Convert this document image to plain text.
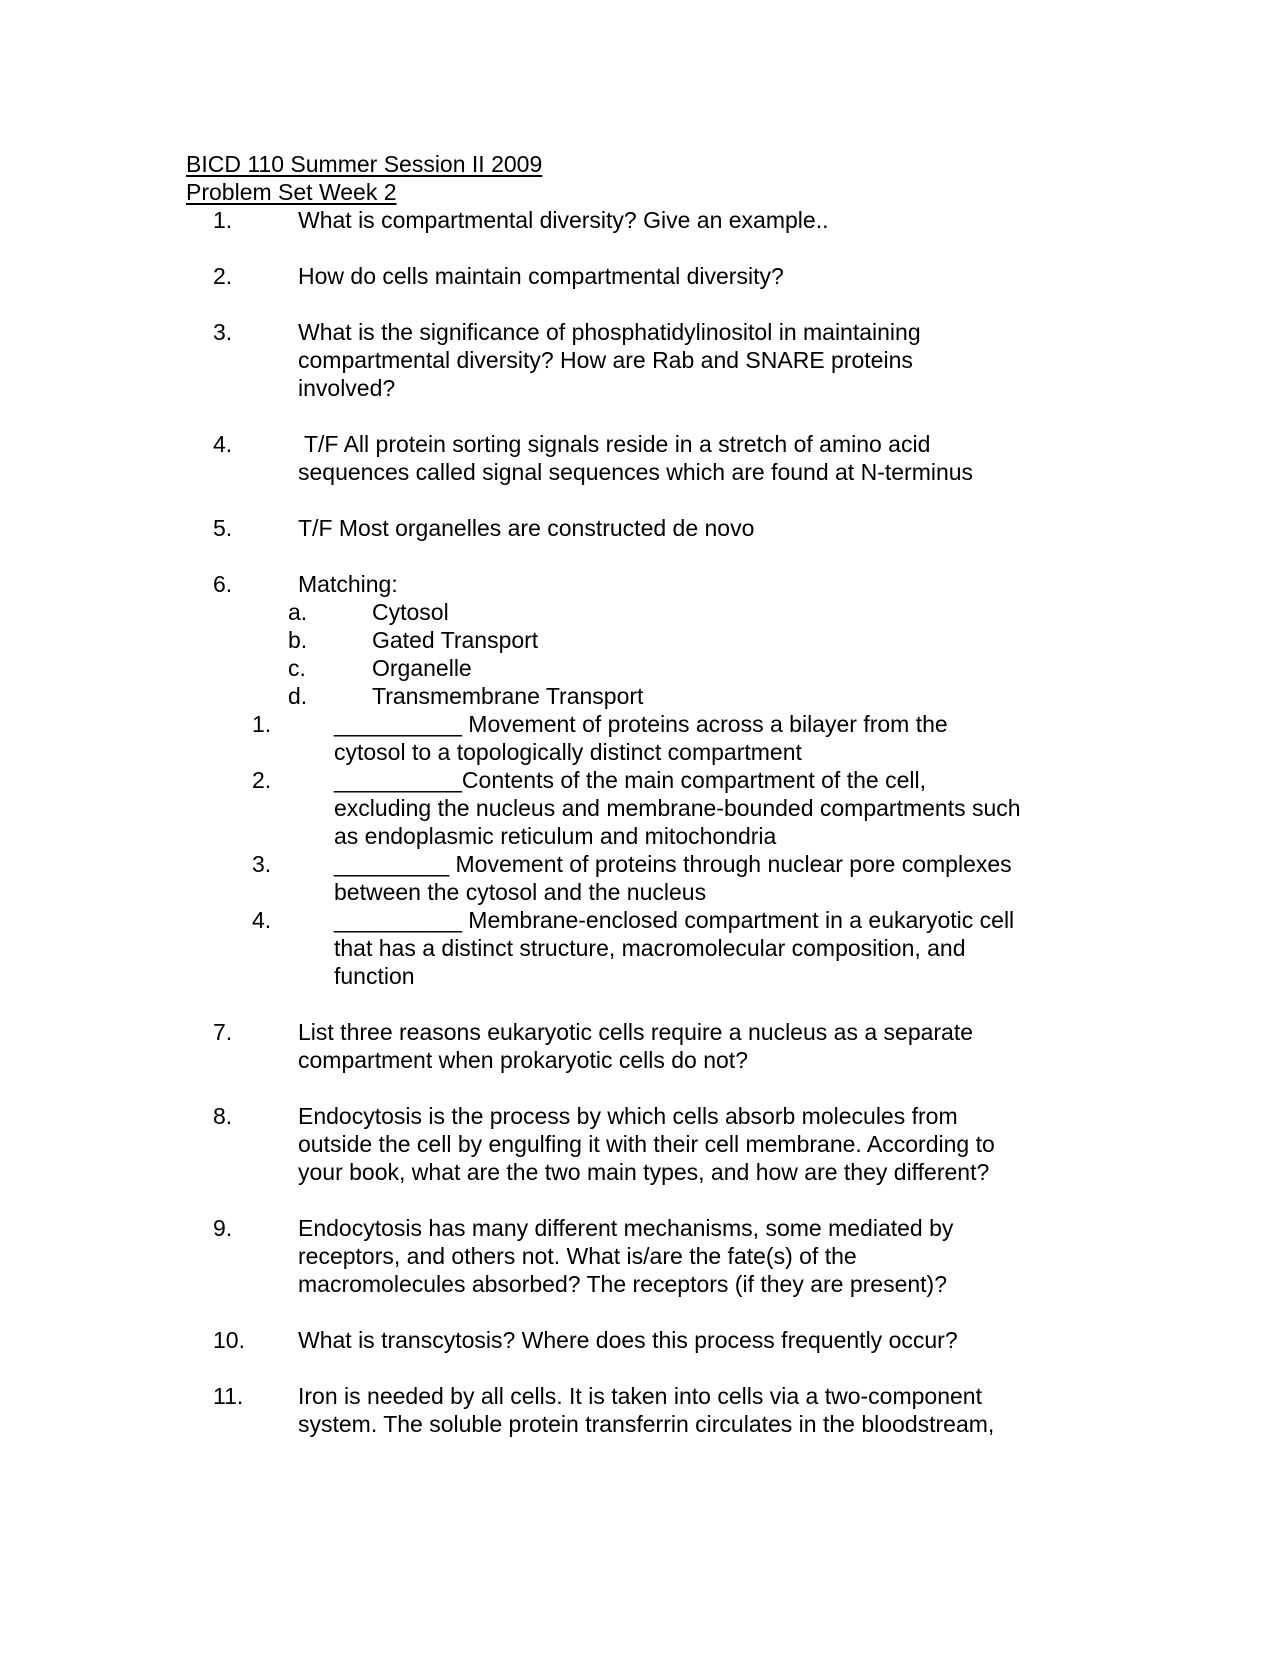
BICD 110 Summer Session II 2009
Problem Set Week 2
1.	What is compartmental diversity? Give an example..
2.	How do cells maintain compartmental diversity?
3.	What is the significance of phosphatidylinositol in maintaining
compartmental diversity? How are Rab and SNARE proteins
involved?
4.	T/F All protein sorting signals reside in a stretch of amino acid
sequences called signal sequences which are found at N-terminus
5.	T/F Most organelles are constructed de novo
6.	Matching:
a.	Cytosol
b.	Gated Transport
c.	Organelle
d.	Transmembrane Transport
1.	__________ Movement of proteins across a bilayer from the
cytosol to a topologically distinct compartment
2.	__________Contents of the main compartment of the cell,
excluding the nucleus and membrane-bounded compartments such
as endoplasmic reticulum and mitochondria
3.	_________ Movement of proteins through nuclear pore complexes
between the cytosol and the nucleus
4.	__________ Membrane-enclosed compartment in a eukaryotic cell
that has a distinct structure, macromolecular composition, and
function
7.	List three reasons eukaryotic cells require a nucleus as a separate
compartment when prokaryotic cells do not?
8.	Endocytosis is the process by which cells absorb molecules from
outside the cell by engulfing it with their cell membrane. According to
your book, what are the two main types, and how are they different?
9.	Endocytosis has many different mechanisms, some mediated by
receptors, and others not. What is/are the fate(s) of the
macromolecules absorbed? The receptors (if they are present)?
10. What is transcytosis? Where does this process frequently occur?
11. Iron is needed by all cells. It is taken into cells via a two-component
system. The soluble protein transferrin circulates in the bloodstream,
